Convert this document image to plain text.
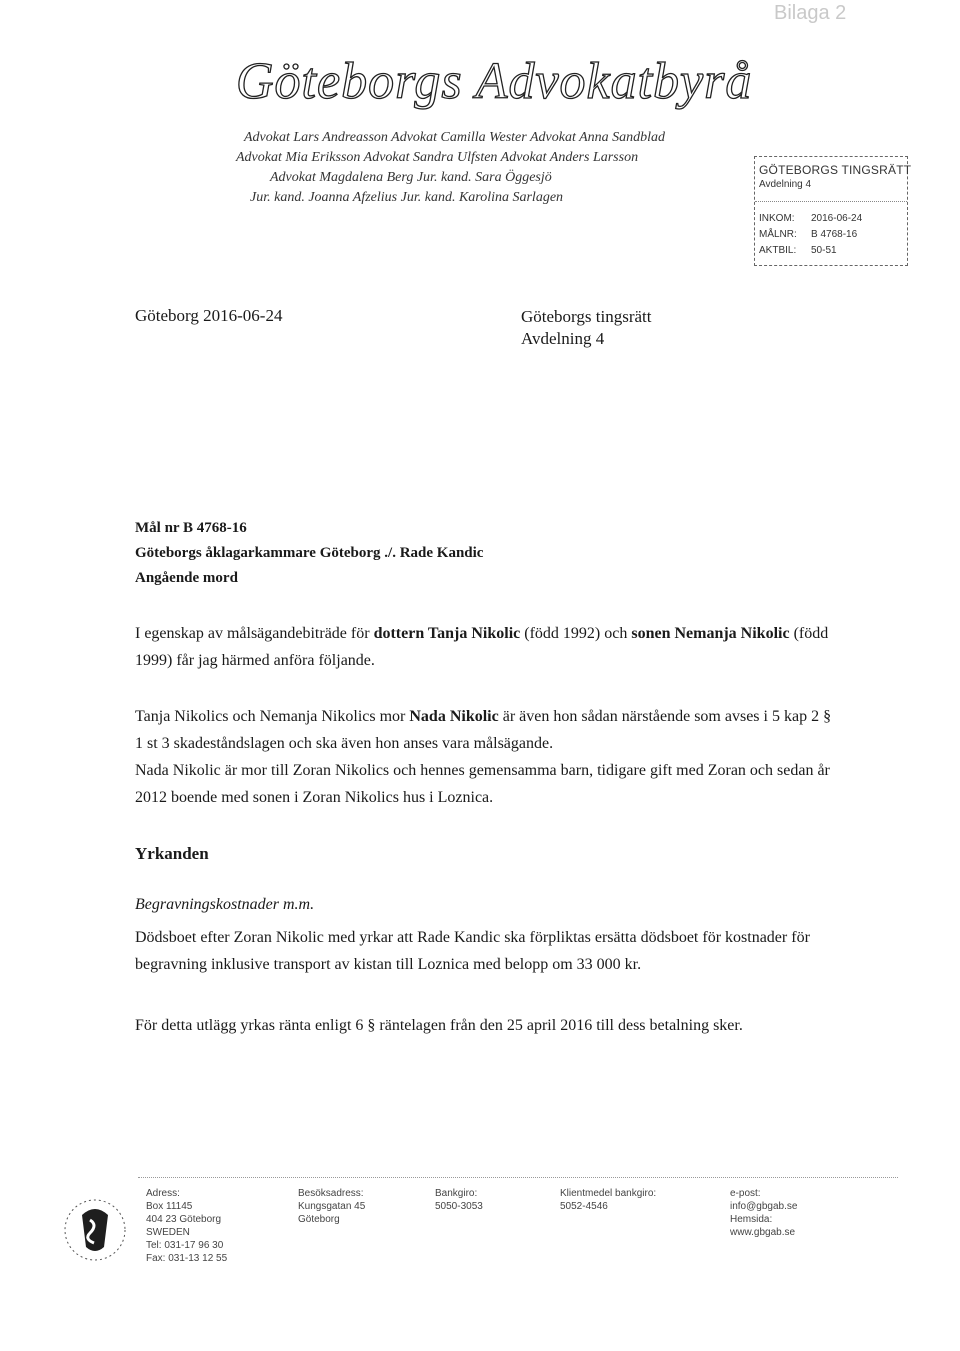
Bilaga 2
Göteborgs Advokatbyrå
Advokat Lars Andreasson Advokat Camilla Wester Advokat Anna Sandblad
Advokat Mia Eriksson Advokat Sandra Ulfsten Advokat Anders Larsson
Advokat Magdalena Berg Jur. kand. Sara Öggesjö
Jur. kand. Joanna Afzelius Jur. kand. Karolina Sarlagen
GÖTEBORGS TINGSRÄTT
Avdelning 4
INKOM: 2016-06-24
MÅLNR: B 4768-16
AKTBIL: 50-51
Göteborg 2016-06-24	Göteborgs tingsrätt
Avdelning 4
Mål nr B 4768-16
Göteborgs åklagarkammare Göteborg ./. Rade Kandic
Angående mord
I egenskap av målsägandebiträde för dottern Tanja Nikolic (född 1992) och sonen Nemanja Nikolic (född 1999) får jag härmed anföra följande.
Tanja Nikolics och Nemanja Nikolics mor Nada Nikolic är även hon sådan närstående som avses i 5 kap 2 § 1 st 3 skadeståndslagen och ska även hon anses vara målsägande.
Nada Nikolic är mor till Zoran Nikolics och hennes gemensamma barn, tidigare gift med Zoran och sedan år 2012 boende med sonen i Zoran Nikolics hus i Loznica.
Yrkanden
Begravningskostnader m.m.
Dödsboet efter Zoran Nikolic med yrkar att Rade Kandic ska förpliktas ersätta dödsboet för kostnader för begravning inklusive transport av kistan till Loznica med belopp om 33 000 kr.
För detta utlägg yrkas ränta enligt 6 § räntelagen från den 25 april 2016 till dess betalning sker.
Adress:
Box 11145
404 23 Göteborg
SWEDEN
Tel: 031-17 96 30
Fax: 031-13 12 55
Besöksadress:
Kungsgatan 45
Göteborg
Bankgiro:
5050-3053
Klientmedel bankgiro:
5052-4546
e-post:
info@gbgab.se
Hemsida:
www.gbgab.se
